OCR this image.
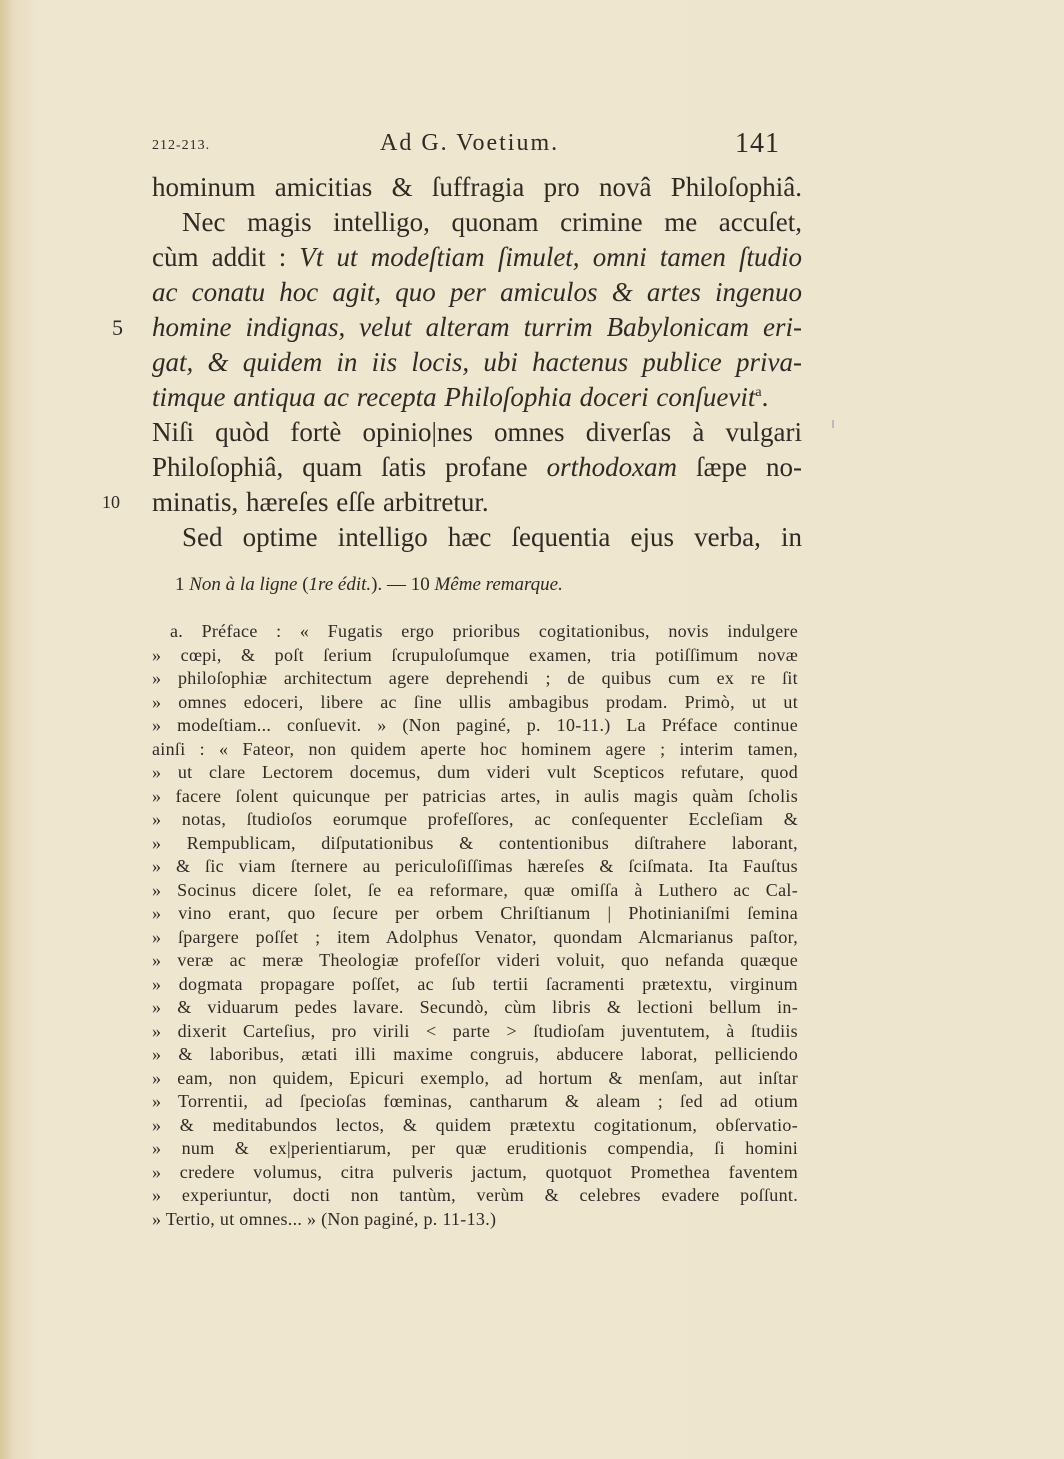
212-213.	Ad G. Voetium.	141
hominum amicitias & ſuffragia pro novâ Philoſophiâ.
Nec magis intelligo, quonam crimine me accuſet,
cùm addit : Vt ut modeſtiam ſimulet, omni tamen ſtudio
ac conatu hoc agit, quo per amiculos & artes ingenuo
5 homine indignas, velut alteram turrim Babylonicam eri-
gat, & quidem in iis locis, ubi hactenus publice priva-
timque antiqua ac recepta Philoſophia doceri conſuevit$^a$.
Niſi quòd fortè opinio|nes omnes diverſas à vulgari
Philoſophiâ, quam ſatis profane orthodoxam ſæpe no-
10 minatis, hæreſes eſſe arbitretur.
Sed optime intelligo hæc ſequentia ejus verba, in
1 Non à la ligne (1re édit.). — 10 Même remarque.
a. Préface : « Fugatis ergo prioribus cogitationibus, novis indulgere
» cœpi, & poſt ſerium ſcrupuloſumque examen, tria potiſſimum novæ
» philoſophiæ architectum agere deprehendi ; de quibus cum ex re ſit
» omnes edoceri, libere ac ſine ullis ambagibus prodam. Primò, ut ut
» modeſtiam... conſuevit. » (Non paginé, p. 10-11.) La Préface continue
ainſi : « Fateor, non quidem aperte hoc hominem agere ; interim tamen,
» ut clare Lectorem docemus, dum videri vult Scepticos refutare, quod
» facere ſolent quicunque per patricias artes, in aulis magis quàm ſcholis
» notas, ſtudioſos eorumque profeſſores, ac conſequenter Eccleſiam &
» Rempublicam, diſputationibus & contentionibus diſtrahere laborant,
» & ſic viam ſternere au periculoſiſſimas hæreſes & ſciſmata. Ita Fauſtus
» Socinus dicere ſolet, ſe ea reformare, quæ omiſſa à Luthero ac Cal-
» vino erant, quo ſecure per orbem Chriſtianum | Photinianiſmi ſemina
» ſpargere poſſet ; item Adolphus Venator, quondam Alcmarianus paſtor,
» veræ ac meræ Theologiæ profeſſor videri voluit, quo nefanda quæque
» dogmata propagare poſſet, ac ſub tertii ſacramenti prætextu, virginum
» & viduarum pedes lavare. Secundò, cùm libris & lectioni bellum in-
» dixerit Carteſius, pro virili < parte > ſtudioſam juventutem, à ſtudiis
» & laboribus, ætati illi maxime congruis, abducere laborat, pelliciendo
» eam, non quidem, Epicuri exemplo, ad hortum & menſam, aut inſtar
» Torrentii, ad ſpecioſas fœminas, cantharum & aleam ; ſed ad otium
» & meditabundos lectos, & quidem prætextu cogitationum, obſervatio-
» num & ex|perientiarum, per quæ eruditionis compendia, ſi homini
» credere volumus, citra pulveris jactum, quotquot Promethea faventem
» experiuntur, docti non tantùm, verùm & celebres evadere poſſunt.
» Tertio, ut omnes... » (Non paginé, p. 11-13.)
